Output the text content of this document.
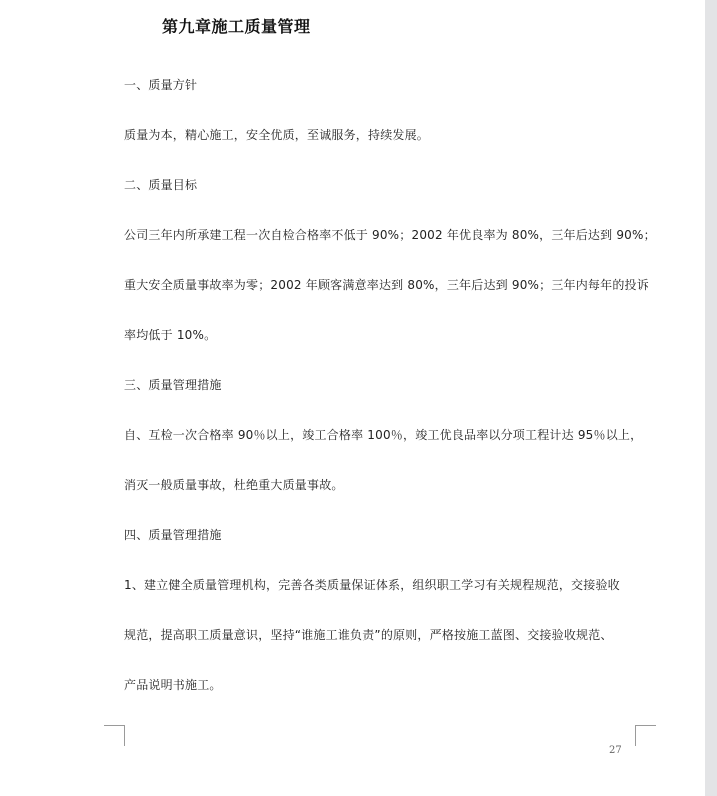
第九章施工质量管理
一、质量方针
质量为本，精心施工，安全优质，至诚服务，持续发展。
二、质量目标
公司三年内所承建工程一次自检合格率不低于 90%；2002 年优良率为 80%，三年后达到 90%；
重大安全质量事故率为零；2002 年顾客满意率达到 80%，三年后达到 90%；三年内每年的投诉
率均低于 10%。
三、质量管理措施
自、互检一次合格率 90％以上，竣工合格率 100％，竣工优良品率以分项工程计达 95％以上，
消灭一般质量事故，杜绝重大质量事故。
四、质量管理措施
1、建立健全质量管理机构，完善各类质量保证体系，组织职工学习有关规程规范，交接验收
规范，提高职工质量意识，坚持“谁施工谁负责”的原则，严格按施工蓝图、交接验收规范、
产品说明书施工。
27
